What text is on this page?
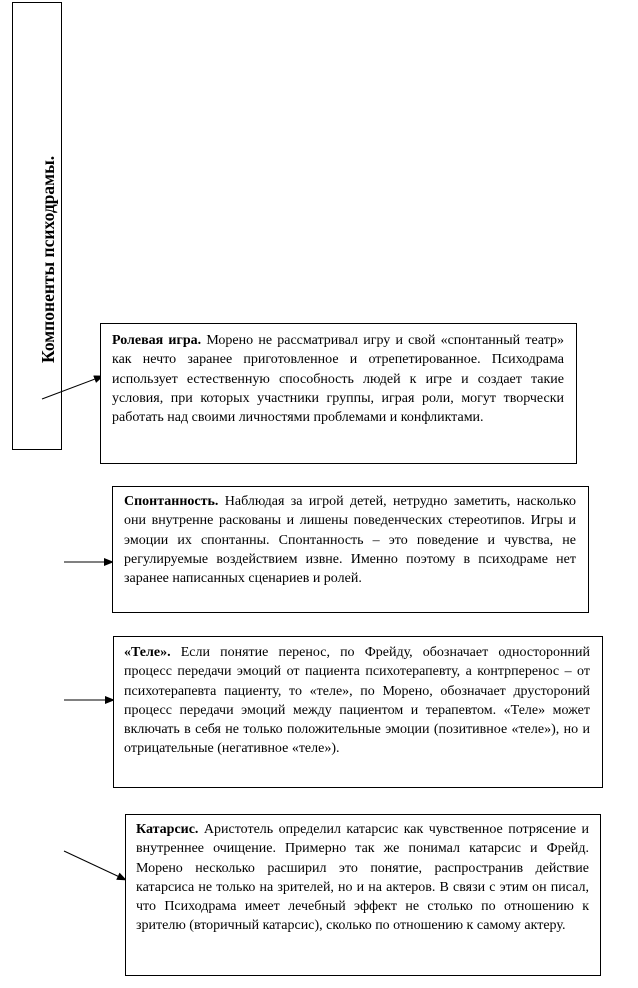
Компоненты психодрамы.	Ролевая игра. Морено не рассматривал игру и свой «спонтанный театр» как нечто заранее приготовленное и отрепетированное. Психодрама использует естественную способность людей к игре и создает такие условия, при которых участники группы, играя роли, могут творчески работать над своими личностями проблемами и конфликтами.

Спонтанность. Наблюдая за игрой детей, нетрудно заметить, насколько они внутренне раскованы и лишены поведенческих стереотипов. Игры и эмоции их спонтанны. Спонтанность – это поведение и чувства, не регулируемые воздействием извне. Именно поэтому в психодраме нет заранее написанных сценариев и ролей.

«Теле». Если понятие перенос, по Фрейду, обозначает односторонний процесс передачи эмоций от пациента психотерапевту, а контрперенос – от психотерапевта пациенту, то «теле», по Морено, обозначает друстороний процесс передачи эмоций между пациентом и терапевтом. «Теле» может включать в себя не только положительные эмоции (позитивное «теле»), но и отрицательные (негативное «теле»).

Катарсис. Аристотель определил катарсис как чувственное потрясение и внутреннее очищение. Примерно так же понимал катарсис и Фрейд. Морено несколько расширил это понятие, распространив действие катарсиса не только на зрителей, но и на актеров. В связи с этим он писал, что Психодрама имеет лечебный эффект не столько по отношению к зрителю (вторичный катарсис), сколько по отношению к самому актеру.
